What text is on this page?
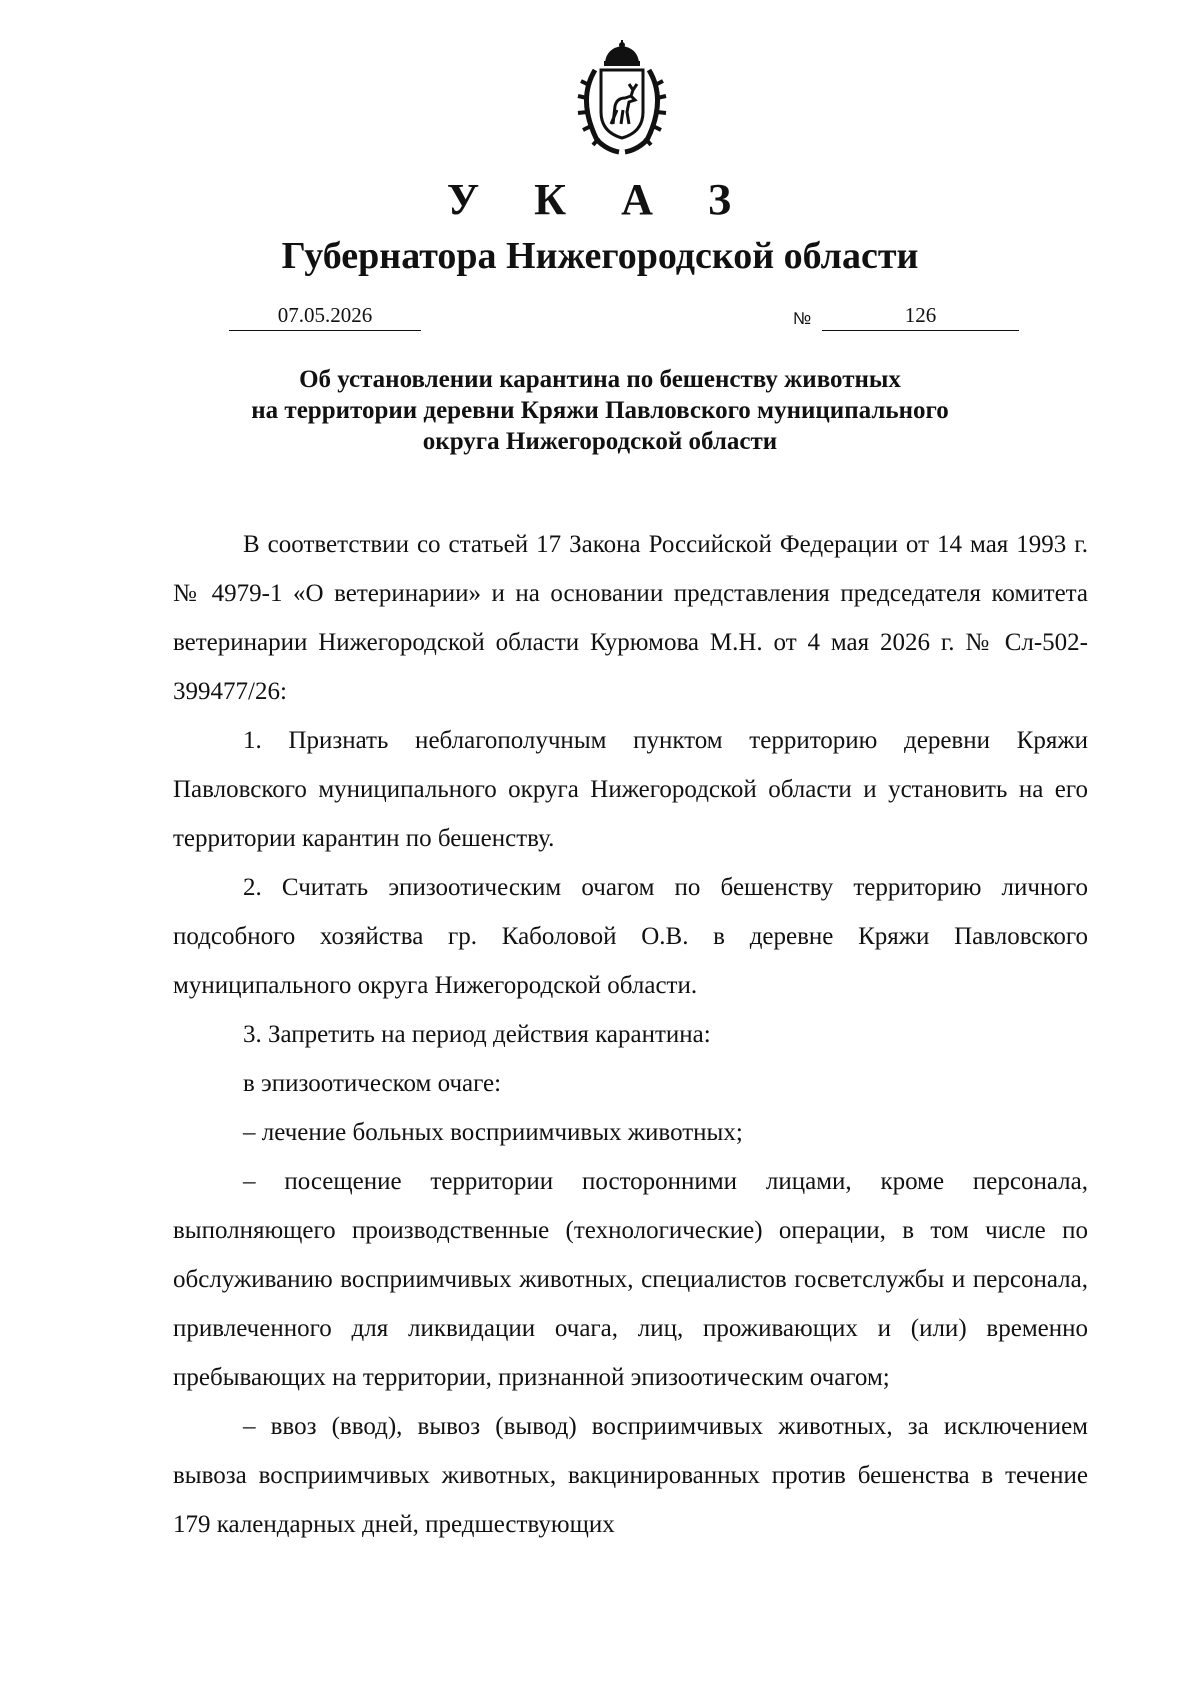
У К А З
Губернатора Нижегородской области
07.05.2026	№	126
Об установлении карантина по бешенству животных
на территории деревни Кряжи Павловского муниципального
округа Нижегородской области

В соответствии со статьей 17 Закона Российской Федерации от 14 мая 1993 г. № 4979-1 «О ветеринарии» и на основании представления председателя комитета ветеринарии Нижегородской области Курюмова М.Н. от 4 мая 2026 г. № Сл-502-399477/26:

1. Признать неблагополучным пунктом территорию деревни Кряжи Павловского муниципального округа Нижегородской области и установить на его территории карантин по бешенству.

2. Считать эпизоотическим очагом по бешенству территорию личного подсобного хозяйства гр. Каболовой О.В. в деревне Кряжи Павловского муниципального округа Нижегородской области.

3. Запретить на период действия карантина:

в эпизоотическом очаге:

– лечение больных восприимчивых животных;

– посещение территории посторонними лицами, кроме персонала, выполняющего производственные (технологические) операции, в том числе по обслуживанию восприимчивых животных, специалистов госветслужбы и персонала, привлеченного для ликвидации очага, лиц, проживающих и (или) временно пребывающих на территории, признанной эпизоотическим очагом;

– ввоз (ввод), вывоз (вывод) восприимчивых животных, за исключением вывоза восприимчивых животных, вакцинированных против бешенства в течение 179 календарных дней, предшествующих
